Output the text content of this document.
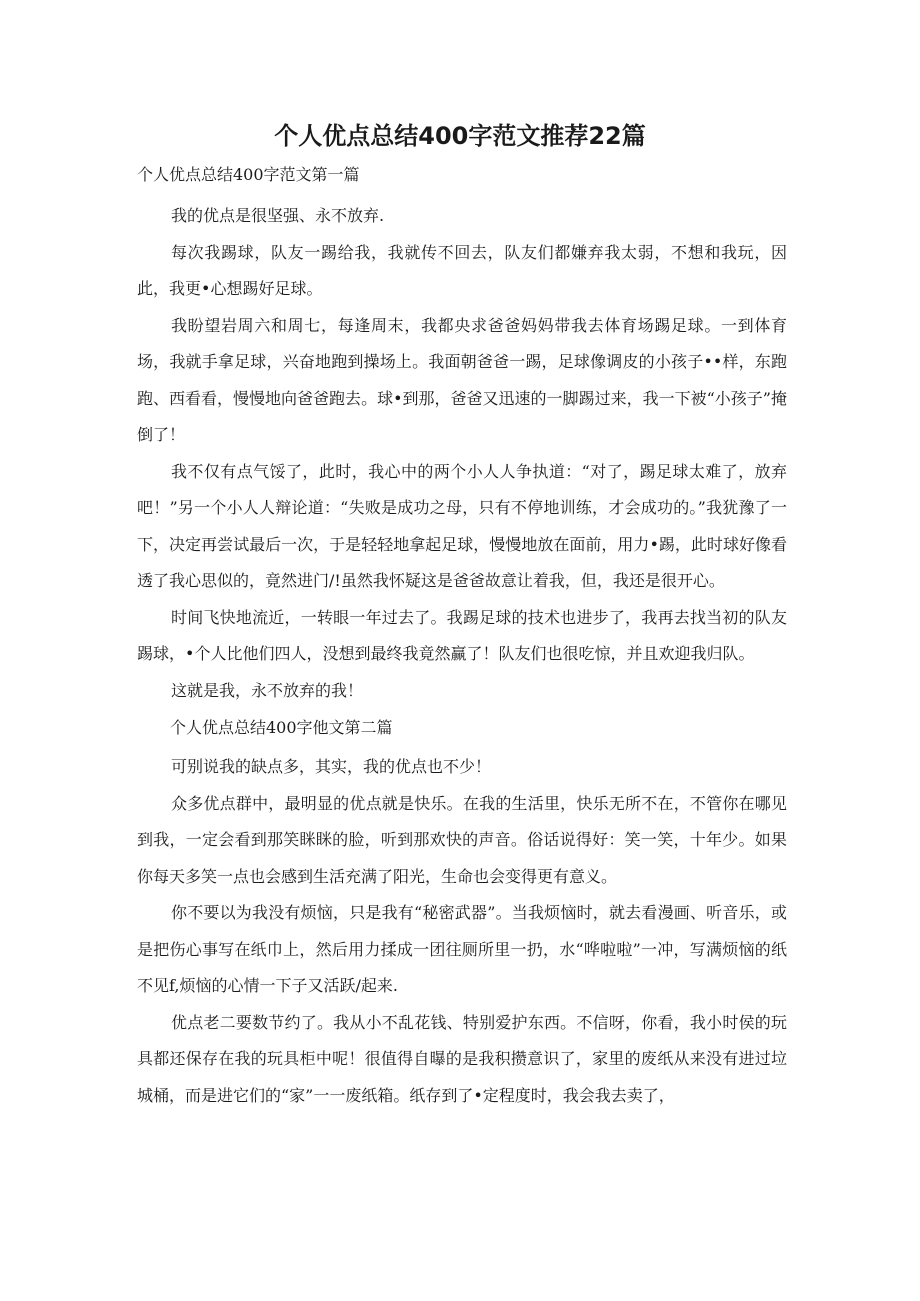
个人优点总结400字范文推荐22篇
个人优点总结400字范文第一篇

我的优点是很坚强、永不放弃.

每次我踢球，队友一踢给我，我就传不回去，队友们都嫌弃我太弱，不想和我玩，因此，我更•心想踢好足球。

我盼望岩周六和周七，每逢周末，我都央求爸爸妈妈带我去体育场踢足球。一到体育场，我就手拿足球，兴奋地跑到操场上。我面朝爸爸一踢，足球像调皮的小孩子••样，东跑跑、西看看，慢慢地向爸爸跑去。球•到那，爸爸又迅速的一脚踢过来，我一下被“小孩子”掩倒了！

我不仅有点气馁了，此时，我心中的两个小人人争执道：“对了，踢足球太难了，放弃吧！”另一个小人人辩论道：“失败是成功之母，只有不停地训练，才会成功的。”我犹豫了一下，决定再尝试最后一次，于是轻轻地拿起足球，慢慢地放在面前，用力•踢，此时球好像看透了我心思似的，竟然进门/!虽然我怀疑这是爸爸故意让着我，但，我还是很开心。

时间飞快地流近，一转眼一年过去了。我踢足球的技术也进步了，我再去找当初的队友踢球，•个人比他们四人，没想到最终我竟然赢了！队友们也很吃惊，并且欢迎我归队。

这就是我，永不放弃的我！

个人优点总结400字他文第二篇

可别说我的缺点多，其实，我的优点也不少！

众多优点群中，最明显的优点就是快乐。在我的生活里，快乐无所不在，不管你在哪见到我，一定会看到那笑眯眯的脸，听到那欢快的声音。俗话说得好：笑一笑，十年少。如果你每天多笑一点也会感到生活充满了阳光，生命也会变得更有意义。

你不要以为我没有烦恼，只是我有“秘密武器”。当我烦恼时，就去看漫画、听音乐，或是把伤心事写在纸巾上，然后用力揉成一团往厕所里一扔，水“哗啦啦”一冲，写满烦恼的纸不见f,烦恼的心情一下子又活跃/起来.

优点老二要数节约了。我从小不乱花钱、特别爱护东西。不信呀，你看，我小时侯的玩具都还保存在我的玩具柜中呢！很值得自曝的是我积攒意识了，家里的废纸从来没有进过垃城桶，而是进它们的“家”一一废纸箱。纸存到了•定程度时，我会我去卖了，
